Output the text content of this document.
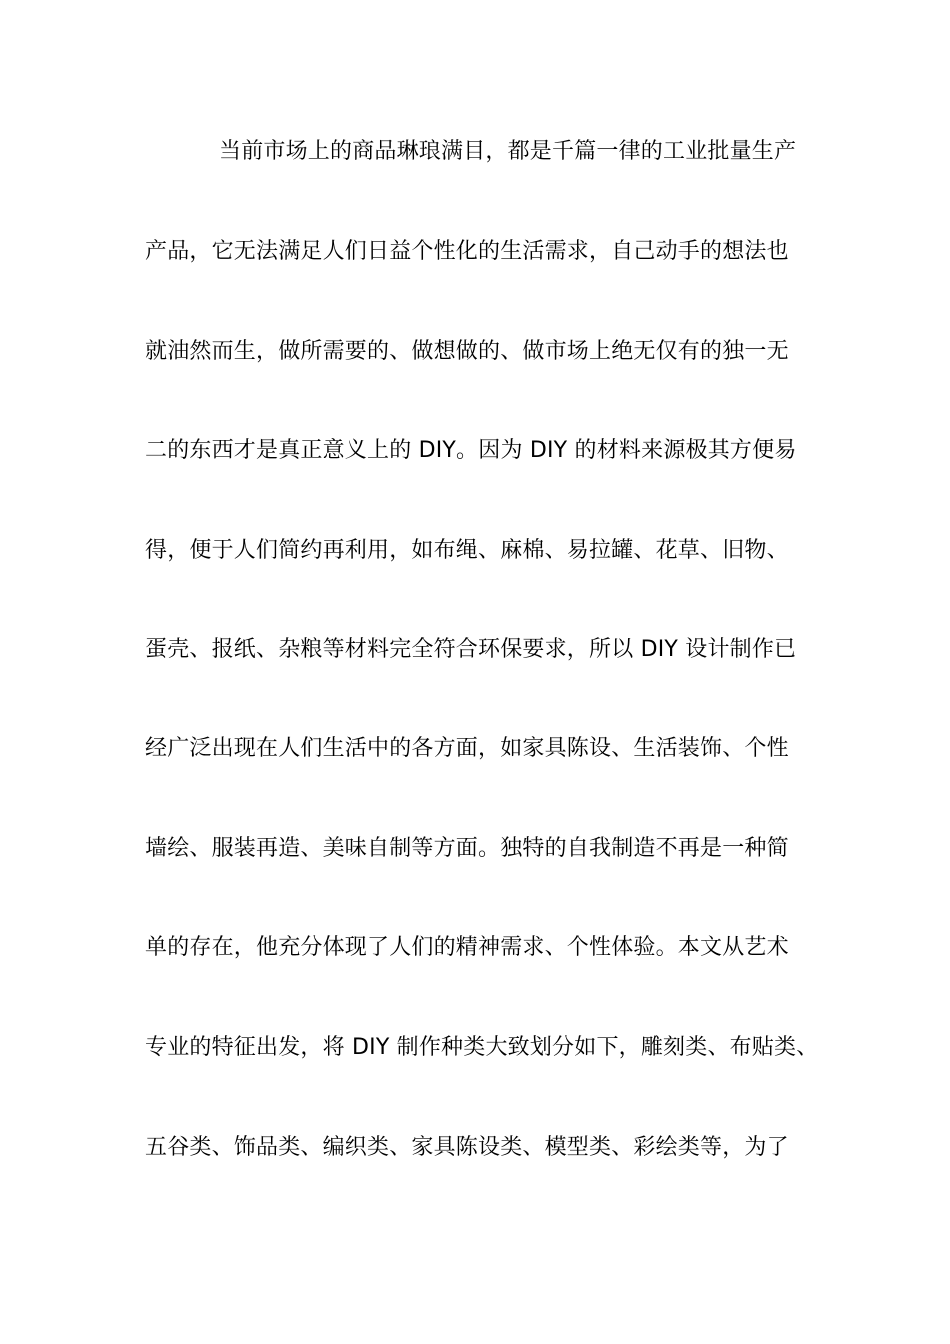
当前市场上的商品琳琅满目，都是千篇一律的工业批量生产
产品，它无法满足人们日益个性化的生活需求，自己动手的想法也
就油然而生，做所需要的、做想做的、做市场上绝无仅有的独一无
二的东西才是真正意义上的 DIY。因为 DIY 的材料来源极其方便易
得，便于人们简约再利用，如布绳、麻棉、易拉罐、花草、旧物、
蛋壳、报纸、杂粮等材料完全符合环保要求，所以 DIY 设计制作已
经广泛出现在人们生活中的各方面，如家具陈设、生活装饰、个性
墙绘、服装再造、美味自制等方面。独特的自我制造不再是一种简
单的存在，他充分体现了人们的精神需求、个性体验。本文从艺术
专业的特征出发，将 DIY 制作种类大致划分如下，雕刻类、布贴类、
五谷类、饰品类、编织类、家具陈设类、模型类、彩绘类等，为了
